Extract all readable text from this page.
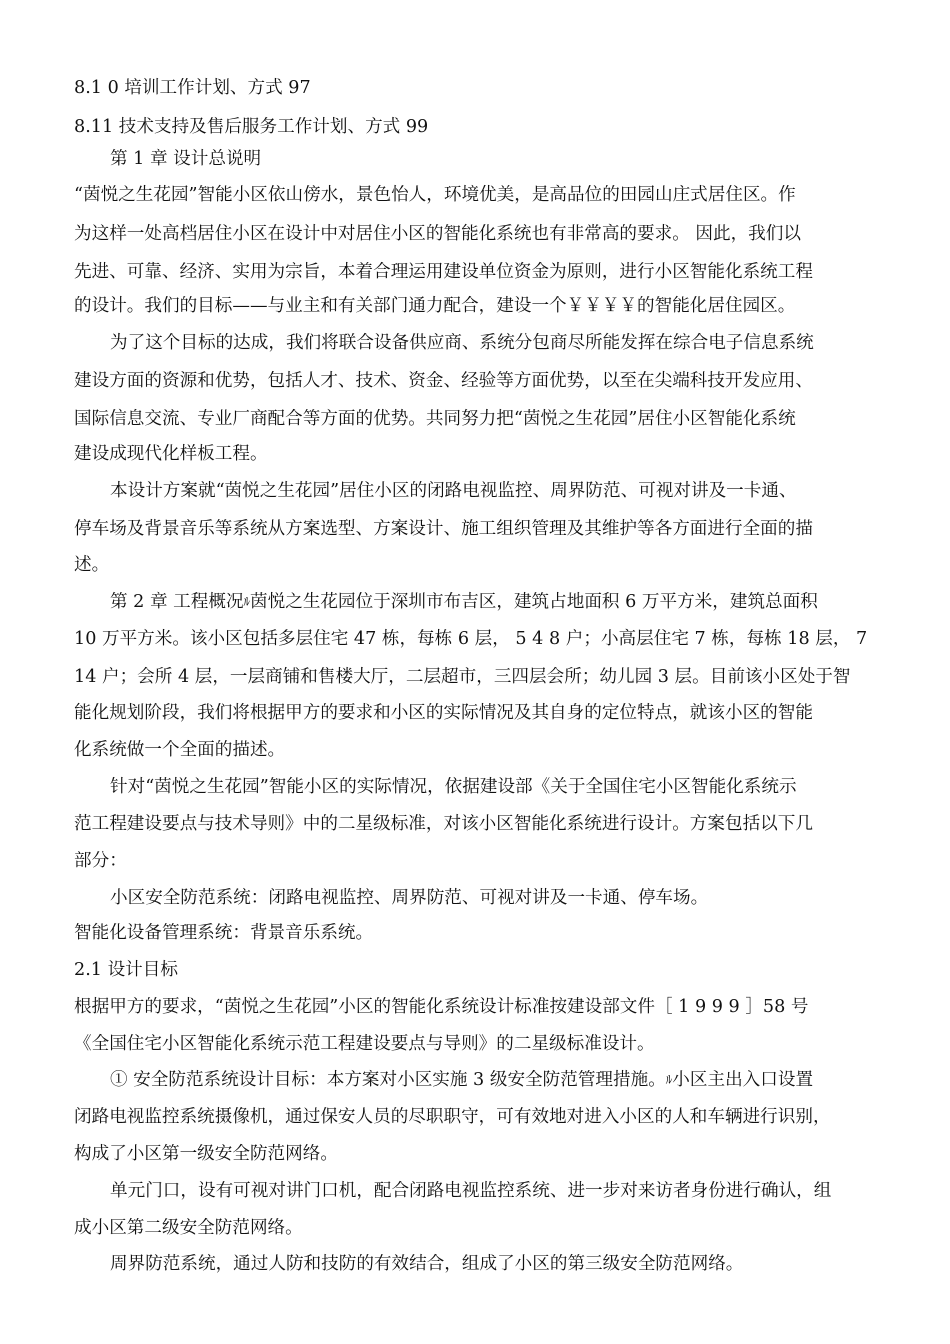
8.1 0 培训工作计划、方式 97
8.11 技术支持及售后服务工作计划、方式 99
第 1 章 设计总说明
“茵悦之生花园”智能小区依山傍水，景色怡人，环境优美，是高品位的田园山庄式居住区。作
为这样一处高档居住小区在设计中对居住小区的智能化系统也有非常高的要求。 因此，我们以
先进、可靠、经济、实用为宗旨，本着合理运用建设单位资金为原则，进行小区智能化系统工程
的设计。我们的目标——与业主和有关部门通力配合，建设一个￥￥￥￥的智能化居住园区。
为了这个目标的达成，我们将联合设备供应商、系统分包商尽所能发挥在综合电子信息系统
建设方面的资源和优势，包括人才、技术、资金、经验等方面优势，以至在尖端科技开发应用、
国际信息交流、专业厂商配合等方面的优势。共同努力把“茵悦之生花园”居住小区智能化系统
建设成现代化样板工程。
本设计方案就“茵悦之生花园”居住小区的闭路电视监控、周界防范、可视对讲及一卡通、
停车场及背景音乐等系统从方案选型、方案设计、施工组织管理及其维护等各方面进行全面的描
述。
第 2 章 工程概况ﾙ茵悦之生花园位于深圳市布吉区，建筑占地面积 6 万平方米，建筑总面积
10 万平方米。该小区包括多层住宅 47 栋，每栋 6 层， 5 4 8 户；小高层住宅 7 栋，每栋 18 层， 7
14 户；会所 4 层，一层商铺和售楼大厅，二层超市，三四层会所；幼儿园 3 层。目前该小区处于智
能化规划阶段，我们将根据甲方的要求和小区的实际情况及其自身的定位特点，就该小区的智能
化系统做一个全面的描述。
针对“茵悦之生花园”智能小区的实际情况，依据建设部《关于全国住宅小区智能化系统示
范工程建设要点与技术导则》中的二星级标准，对该小区智能化系统进行设计。方案包括以下几
部分：
小区安全防范系统：闭路电视监控、周界防范、可视对讲及一卡通、停车场。
智能化设备管理系统：背景音乐系统。
2.1 设计目标
根据甲方的要求，“茵悦之生花园”小区的智能化系统设计标准按建设部文件［ 1 9 9 9 ］58 号
《全国住宅小区智能化系统示范工程建设要点与导则》的二星级标准设计。
① 安全防范系统设计目标：本方案对小区实施 3 级安全防范管理措施。ﾙ小区主出入口设置
闭路电视监控系统摄像机，通过保安人员的尽职职守，可有效地对进入小区的人和车辆进行识别，
构成了小区第一级安全防范网络。
单元门口，设有可视对讲门口机，配合闭路电视监控系统、进一步对来访者身份进行确认，组
成小区第二级安全防范网络。
周界防范系统，通过人防和技防的有效结合，组成了小区的第三级安全防范网络。
